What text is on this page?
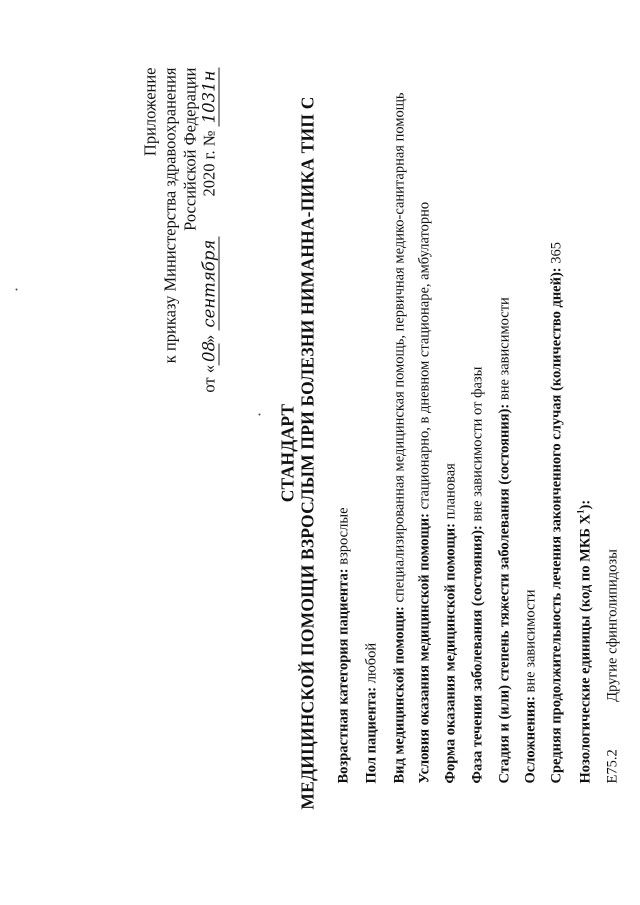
Приложение к приказу Министерства здравоохранения Российской Федерации
от «08» сентября 2020 г. № 1031н
СТАНДАРТ МЕДИЦИНСКОЙ ПОМОЩИ ВЗРОСЛЫМ ПРИ БОЛЕЗНИ НИМАННА-ПИКА ТИП C Возрастная категория пациента: взрослые
Пол пациента: любой Вид медицинской помощи: специализированная медицинская помощь, первичная медико-санитарная помощь
Условия оказания медицинской помощи: стационарно, в дневном стационаре, амбулаторно
Форма оказания медицинской помощи: плановая
Фаза течения заболевания (состояния): вне зависимости от фазы Стадия и (или) степень тяжести заболевания (состояния): вне зависимости
Осложнения: вне зависимости Средняя продолжительность лечения законченного случая (количество дней): 365
Нозологические единицы (код по МКБ $X^1$):
E75.2 Другие сфинголипидозы
